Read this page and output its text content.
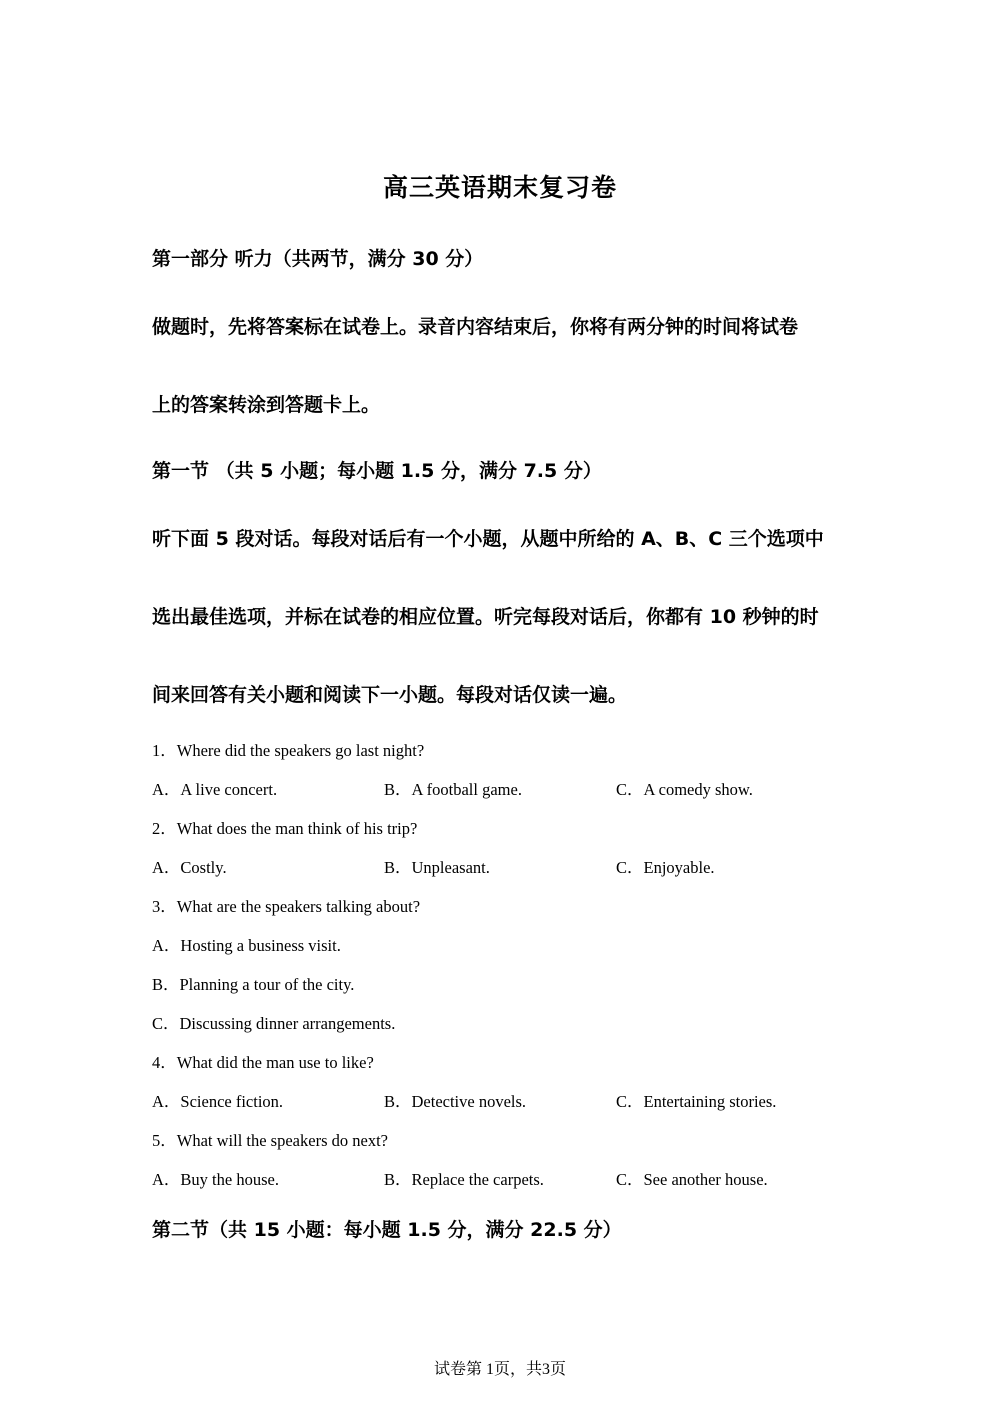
高三英语期末复习卷
第一部分 听力（共两节，满分 30 分）
做题时，先将答案标在试卷上。录音内容结束后，你将有两分钟的时间将试卷
上的答案转涂到答题卡上。
第一节 （共 5 小题；每小题 1.5 分，满分 7.5 分）
听下面 5 段对话。每段对话后有一个小题，从题中所给的 A、B、C 三个选项中
选出最佳选项，并标在试卷的相应位置。听完每段对话后，你都有 10 秒钟的时
间来回答有关小题和阅读下一小题。每段对话仅读一遍。
1．Where did the speakers go last night?
A．A live concert.	B．A football game.	C．A comedy show.
2．What does the man think of his trip?
A．Costly.	B．Unpleasant.	C．Enjoyable.
3．What are the speakers talking about?
A．Hosting a business visit.
B．Planning a tour of the city.
C．Discussing dinner arrangements.
4．What did the man use to like?
A．Science fiction.	B．Detective novels.	C．Entertaining stories.
5．What will the speakers do next?
A．Buy the house.	B．Replace the carpets.	C．See another house.
第二节（共 15 小题：每小题 1.5 分，满分 22.5 分）
试卷第 1页，共3页
